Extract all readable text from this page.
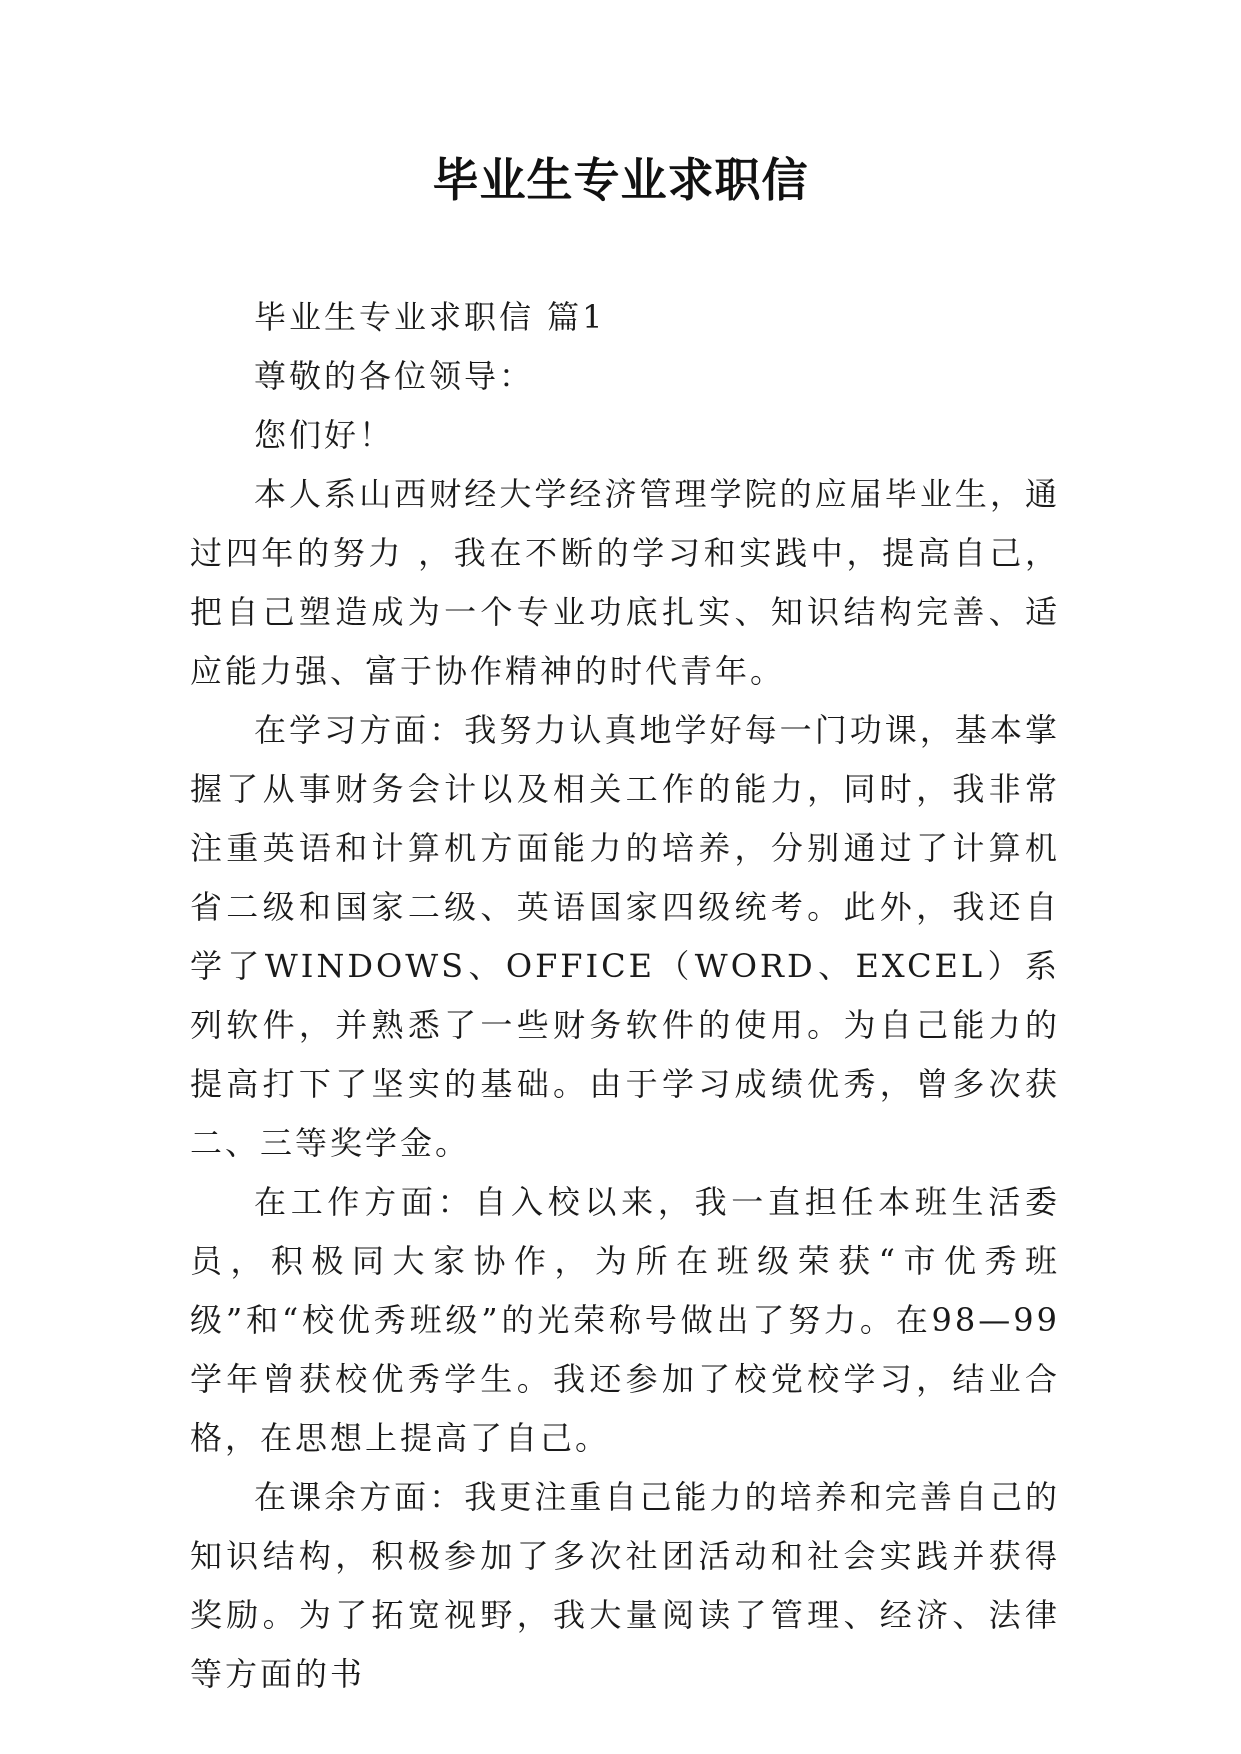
毕业生专业求职信

毕业生专业求职信 篇1

尊敬的各位领导：

您们好！

本人系山西财经大学经济管理学院的应届毕业生，通过四年的努力 ，我在不断的学习和实践中，提高自己，把自己塑造成为一个专业功底扎实、知识结构完善、适应能力强、富于协作精神的时代青年。

在学习方面：我努力认真地学好每一门功课，基本掌握了从事财务会计以及相关工作的能力，同时，我非常注重英语和计算机方面能力的培养，分别通过了计算机省二级和国家二级、英语国家四级统考。此外，我还自学了WINDOWS、OFFICE（WORD、EXCEL）系列软件，并熟悉了一些财务软件的使用。为自己能力的提高打下了坚实的基础。由于学习成绩优秀，曾多次获二、三等奖学金。

在工作方面：自入校以来，我一直担任本班生活委员，积极同大家协作，为所在班级荣获“市优秀班级”和“校优秀班级”的光荣称号做出了努力。在98—99学年曾获校优秀学生。我还参加了校党校学习，结业合格，在思想上提高了自己。

在课余方面：我更注重自己能力的培养和完善自己的知识结构，积极参加了多次社团活动和社会实践并获得奖励。为了拓宽视野，我大量阅读了管理、经济、法律等方面的书
